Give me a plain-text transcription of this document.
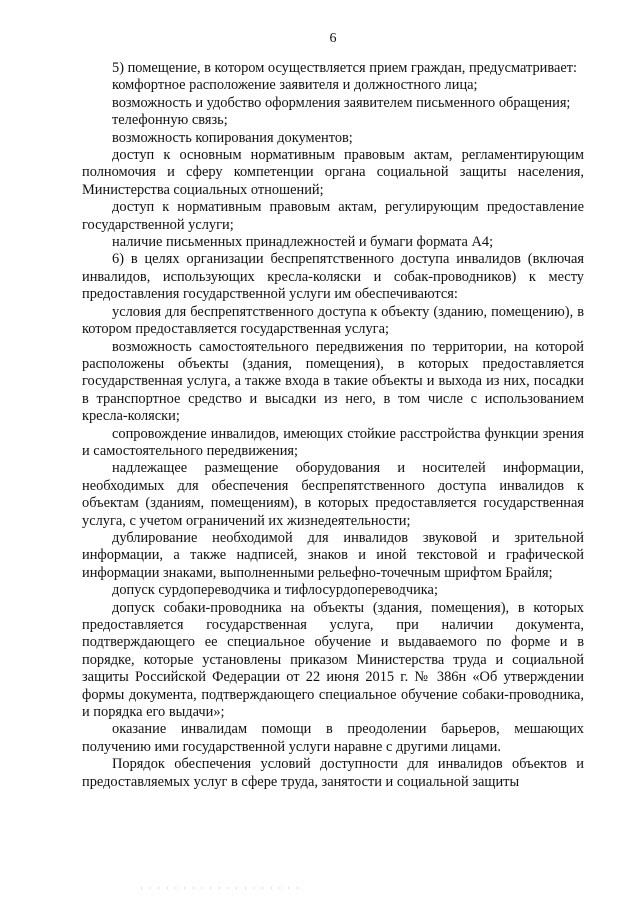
6

5) помещение, в котором осуществляется прием граждан, предусматривает:

комфортное расположение заявителя и должностного лица;

возможность и удобство оформления заявителем письменного обращения;

телефонную связь;

возможность копирования документов;

доступ к основным нормативным правовым актам, регламентирующим полномочия и сферу компетенции органа социальной защиты населения, Министерства социальных отношений;

доступ к нормативным правовым актам, регулирующим предоставление государственной услуги;

наличие письменных принадлежностей и бумаги формата А4;

6) в целях организации беспрепятственного доступа инвалидов (включая инвалидов, использующих кресла-коляски и собак-проводников) к месту предоставления государственной услуги им обеспечиваются:

условия для беспрепятственного доступа к объекту (зданию, помещению), в котором предоставляется государственная услуга;

возможность самостоятельного передвижения по территории, на которой расположены объекты (здания, помещения), в которых предоставляется государственная услуга, а также входа в такие объекты и выхода из них, посадки в транспортное средство и высадки из него, в том числе с использованием кресла-коляски;

сопровождение инвалидов, имеющих стойкие расстройства функции зрения и самостоятельного передвижения;

надлежащее размещение оборудования и носителей информации, необходимых для обеспечения беспрепятственного доступа инвалидов к объектам (зданиям, помещениям), в которых предоставляется государственная услуга, с учетом ограничений их жизнедеятельности;

дублирование необходимой для инвалидов звуковой и зрительной информации, а также надписей, знаков и иной текстовой и графической информации знаками, выполненными рельефно-точечным шрифтом Брайля;

допуск сурдопереводчика и тифлосурдопереводчика;

допуск собаки-проводника на объекты (здания, помещения), в которых предоставляется государственная услуга, при наличии документа, подтверждающего ее специальное обучение и выдаваемого по форме и в порядке, которые установлены приказом Министерства труда и социальной защиты Российской Федерации от 22 июня 2015 г. № 386н «Об утверждении формы документа, подтверждающего специальное обучение собаки-проводника, и порядка его выдачи»;

оказание инвалидам помощи в преодолении барьеров, мешающих получению ими государственной услуги наравне с другими лицами.

Порядок обеспечения условий доступности для инвалидов объектов и предоставляемых услуг в сфере труда, занятости и социальной защиты

· · · · · · · · · · · · · · · · · · ·
